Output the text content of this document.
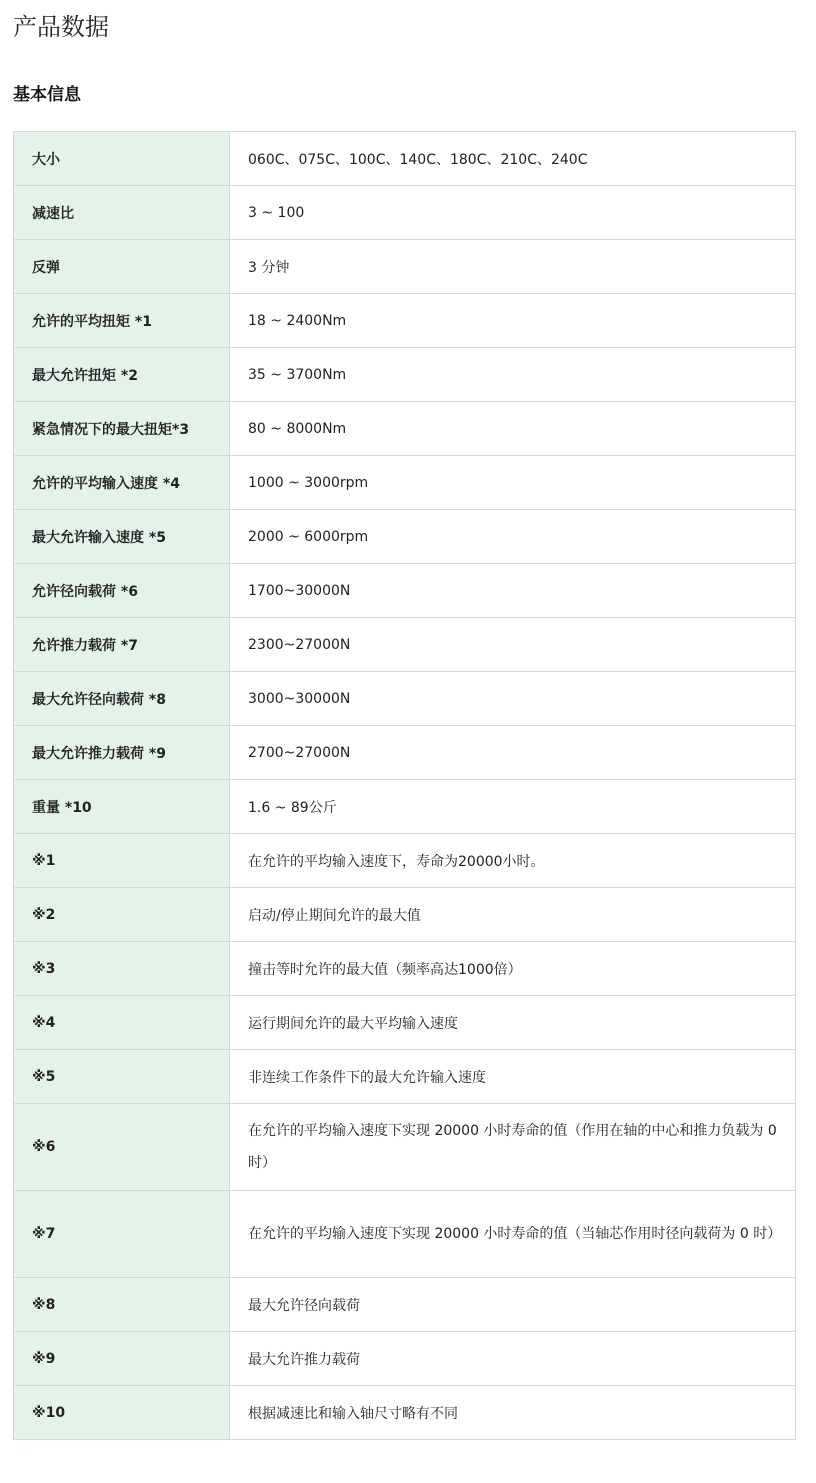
产品数据
基本信息
大小	060C、075C、100C、140C、180C、210C、240C
减速比	3 ~ 100
反弹	3 分钟
允许的平均扭矩 *1	18 ~ 2400Nm
最大允许扭矩 *2	35 ~ 3700Nm
紧急情况下的最大扭矩*3	80 ~ 8000Nm
允许的平均输入速度 *4	1000 ~ 3000rpm
最大允许输入速度 *5	2000 ~ 6000rpm
允许径向载荷 *6	1700~30000N
允许推力载荷 *7	2300~27000N
最大允许径向载荷 *8	3000~30000N
最大允许推力载荷 *9	2700~27000N
重量 *10	1.6 ~ 89公斤
※1	在允许的平均输入速度下，寿命为20000小时。
※2	启动/停止期间允许的最大值
※3	撞击等时允许的最大值（频率高达1000倍）
※4	运行期间允许的最大平均输入速度
※5	非连续工作条件下的最大允许输入速度
※6	在允许的平均输入速度下实现 20000 小时寿命的值（作用在轴的中心和推力负载为 0 时）
※7	在允许的平均输入速度下实现 20000 小时寿命的值（当轴芯作用时径向载荷为 0 时）
※8	最大允许径向载荷
※9	最大允许推力载荷
※10	根据减速比和输入轴尺寸略有不同
